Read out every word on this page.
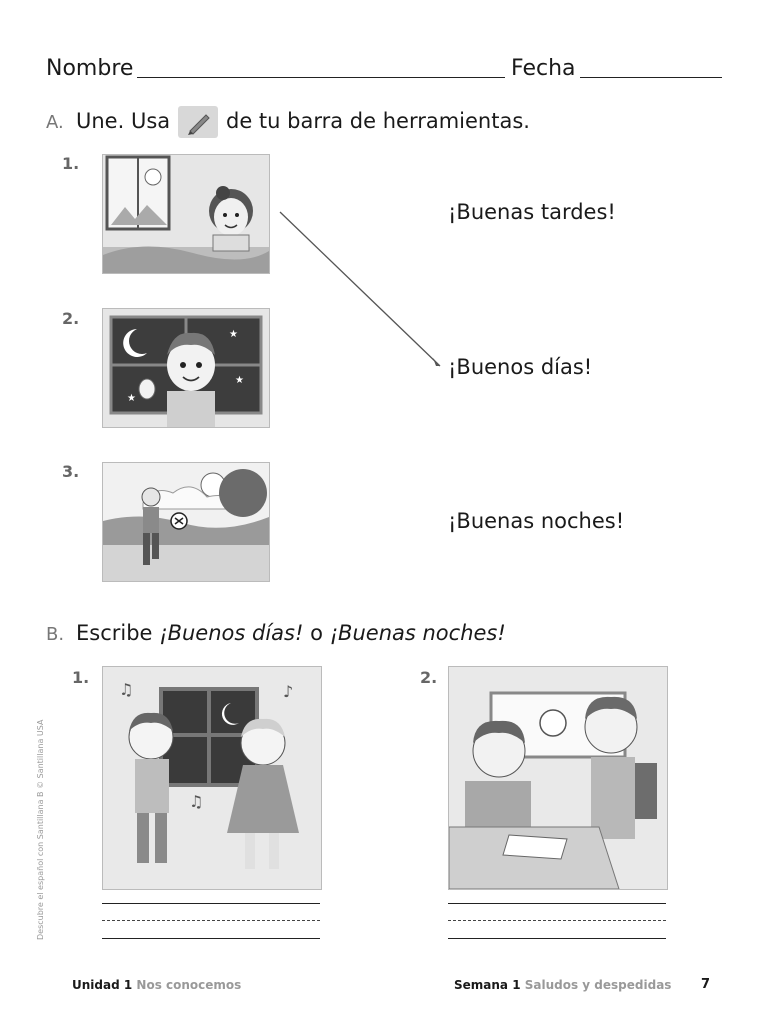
Nombre	Fecha
A. Une. Usa	de tu barra de herramientas.
1.
2.
3.
★
★
★
¡Buenas tardes!
¡Buenos días!
¡Buenas noches!
B. Escribe ¡Buenos días! o ¡Buenas noches!
1.	2.
♫	♪
♫
Descubre el español con Santillana B © Santillana USA
Unidad 1 Nos conocemos	Semana 1 Saludos y despedidas 7
